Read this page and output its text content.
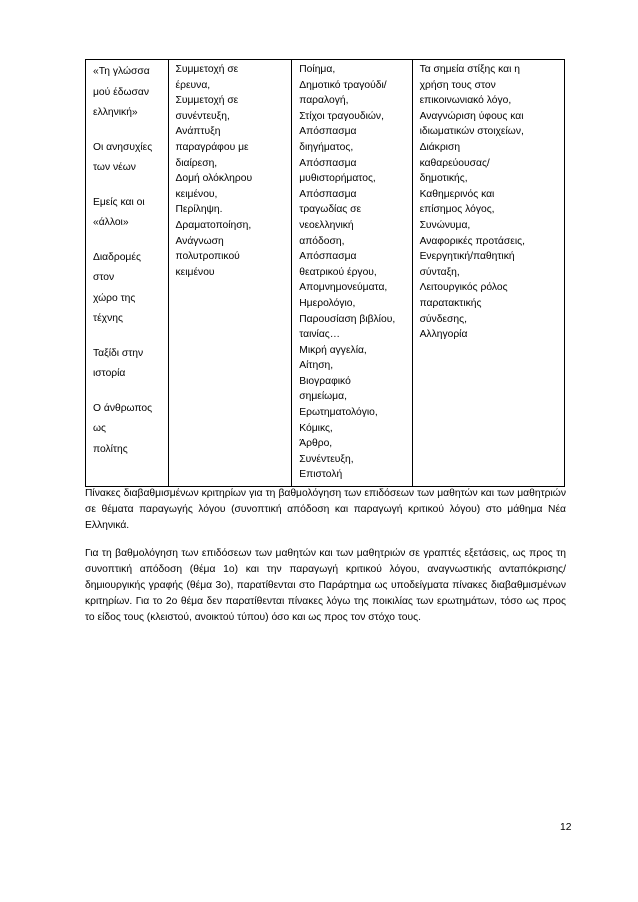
«Τη γλώσσα
μού έδωσαν
ελληνική»
Οι ανησυχίες
των νέων
Εμείς και οι
«άλλοι»
Διαδρομές στον
χώρο της τέχνης
Ταξίδι στην
ιστορία
Ο άνθρωπος ως
πολίτης

Συμμετοχή σε
έρευνα,
Συμμετοχή σε
συνέντευξη,
Ανάπτυξη
παραγράφου με
διαίρεση,
Δομή ολόκληρου
κειμένου,
Περίληψη.
Δραματοποίηση,
Ανάγνωση
πολυτροπικού
κειμένου

Ποίημα,
Δημοτικό τραγούδι/
παραλογή,
Στίχοι τραγουδιών,
Απόσπασμα
διηγήματος,
Απόσπασμα
μυθιστορήματος,
Απόσπασμα
τραγωδίας σε
νεοελληνική
απόδοση,
Απόσπασμα
θεατρικού έργου,
Απομνημονεύματα,
Ημερολόγιο,
Παρουσίαση βιβλίου,
ταινίας…
Μικρή αγγελία,
Αίτηση,
Βιογραφικό
σημείωμα,
Ερωτηματολόγιο,
Κόμικς,
Άρθρο,
Συνέντευξη,
Επιστολή

Τα σημεία στίξης και η
χρήση τους στον
επικοινωνιακό λόγο,
Αναγνώριση ύφους και
ιδιωματικών στοιχείων,
Διάκριση
καθαρεύουσας/
δημοτικής,
Καθημερινός και
επίσημος λόγος,
Συνώνυμα,
Αναφορικές προτάσεις,
Ενεργητική/παθητική
σύνταξη,
Λειτουργικός ρόλος
παρατακτικής
σύνδεσης,
Αλληγορία

Πίνακες διαβαθμισμένων κριτηρίων για τη βαθμολόγηση των επιδόσεων των μαθητών και των μαθητριών σε θέματα παραγωγής λόγου (συνοπτική απόδοση και παραγωγή κριτικού λόγου) στο μάθημα Νέα Ελληνικά.

Για τη βαθμολόγηση των επιδόσεων των μαθητών και των μαθητριών σε γραπτές εξετάσεις, ως προς τη συνοπτική απόδοση (θέμα 1ο) και την παραγωγή κριτικού λόγου, αναγνωστικής ανταπόκρισης/δημιουργικής γραφής (θέμα 3ο), παρατίθενται στο Παράρτημα ως υποδείγματα πίνακες διαβαθμισμένων κριτηρίων. Για το 2ο θέμα δεν παρατίθενται πίνακες λόγω της ποικιλίας των ερωτημάτων, τόσο ως προς το είδος τους (κλειστού, ανοικτού τύπου) όσο και ως προς τον στόχο τους.

12
